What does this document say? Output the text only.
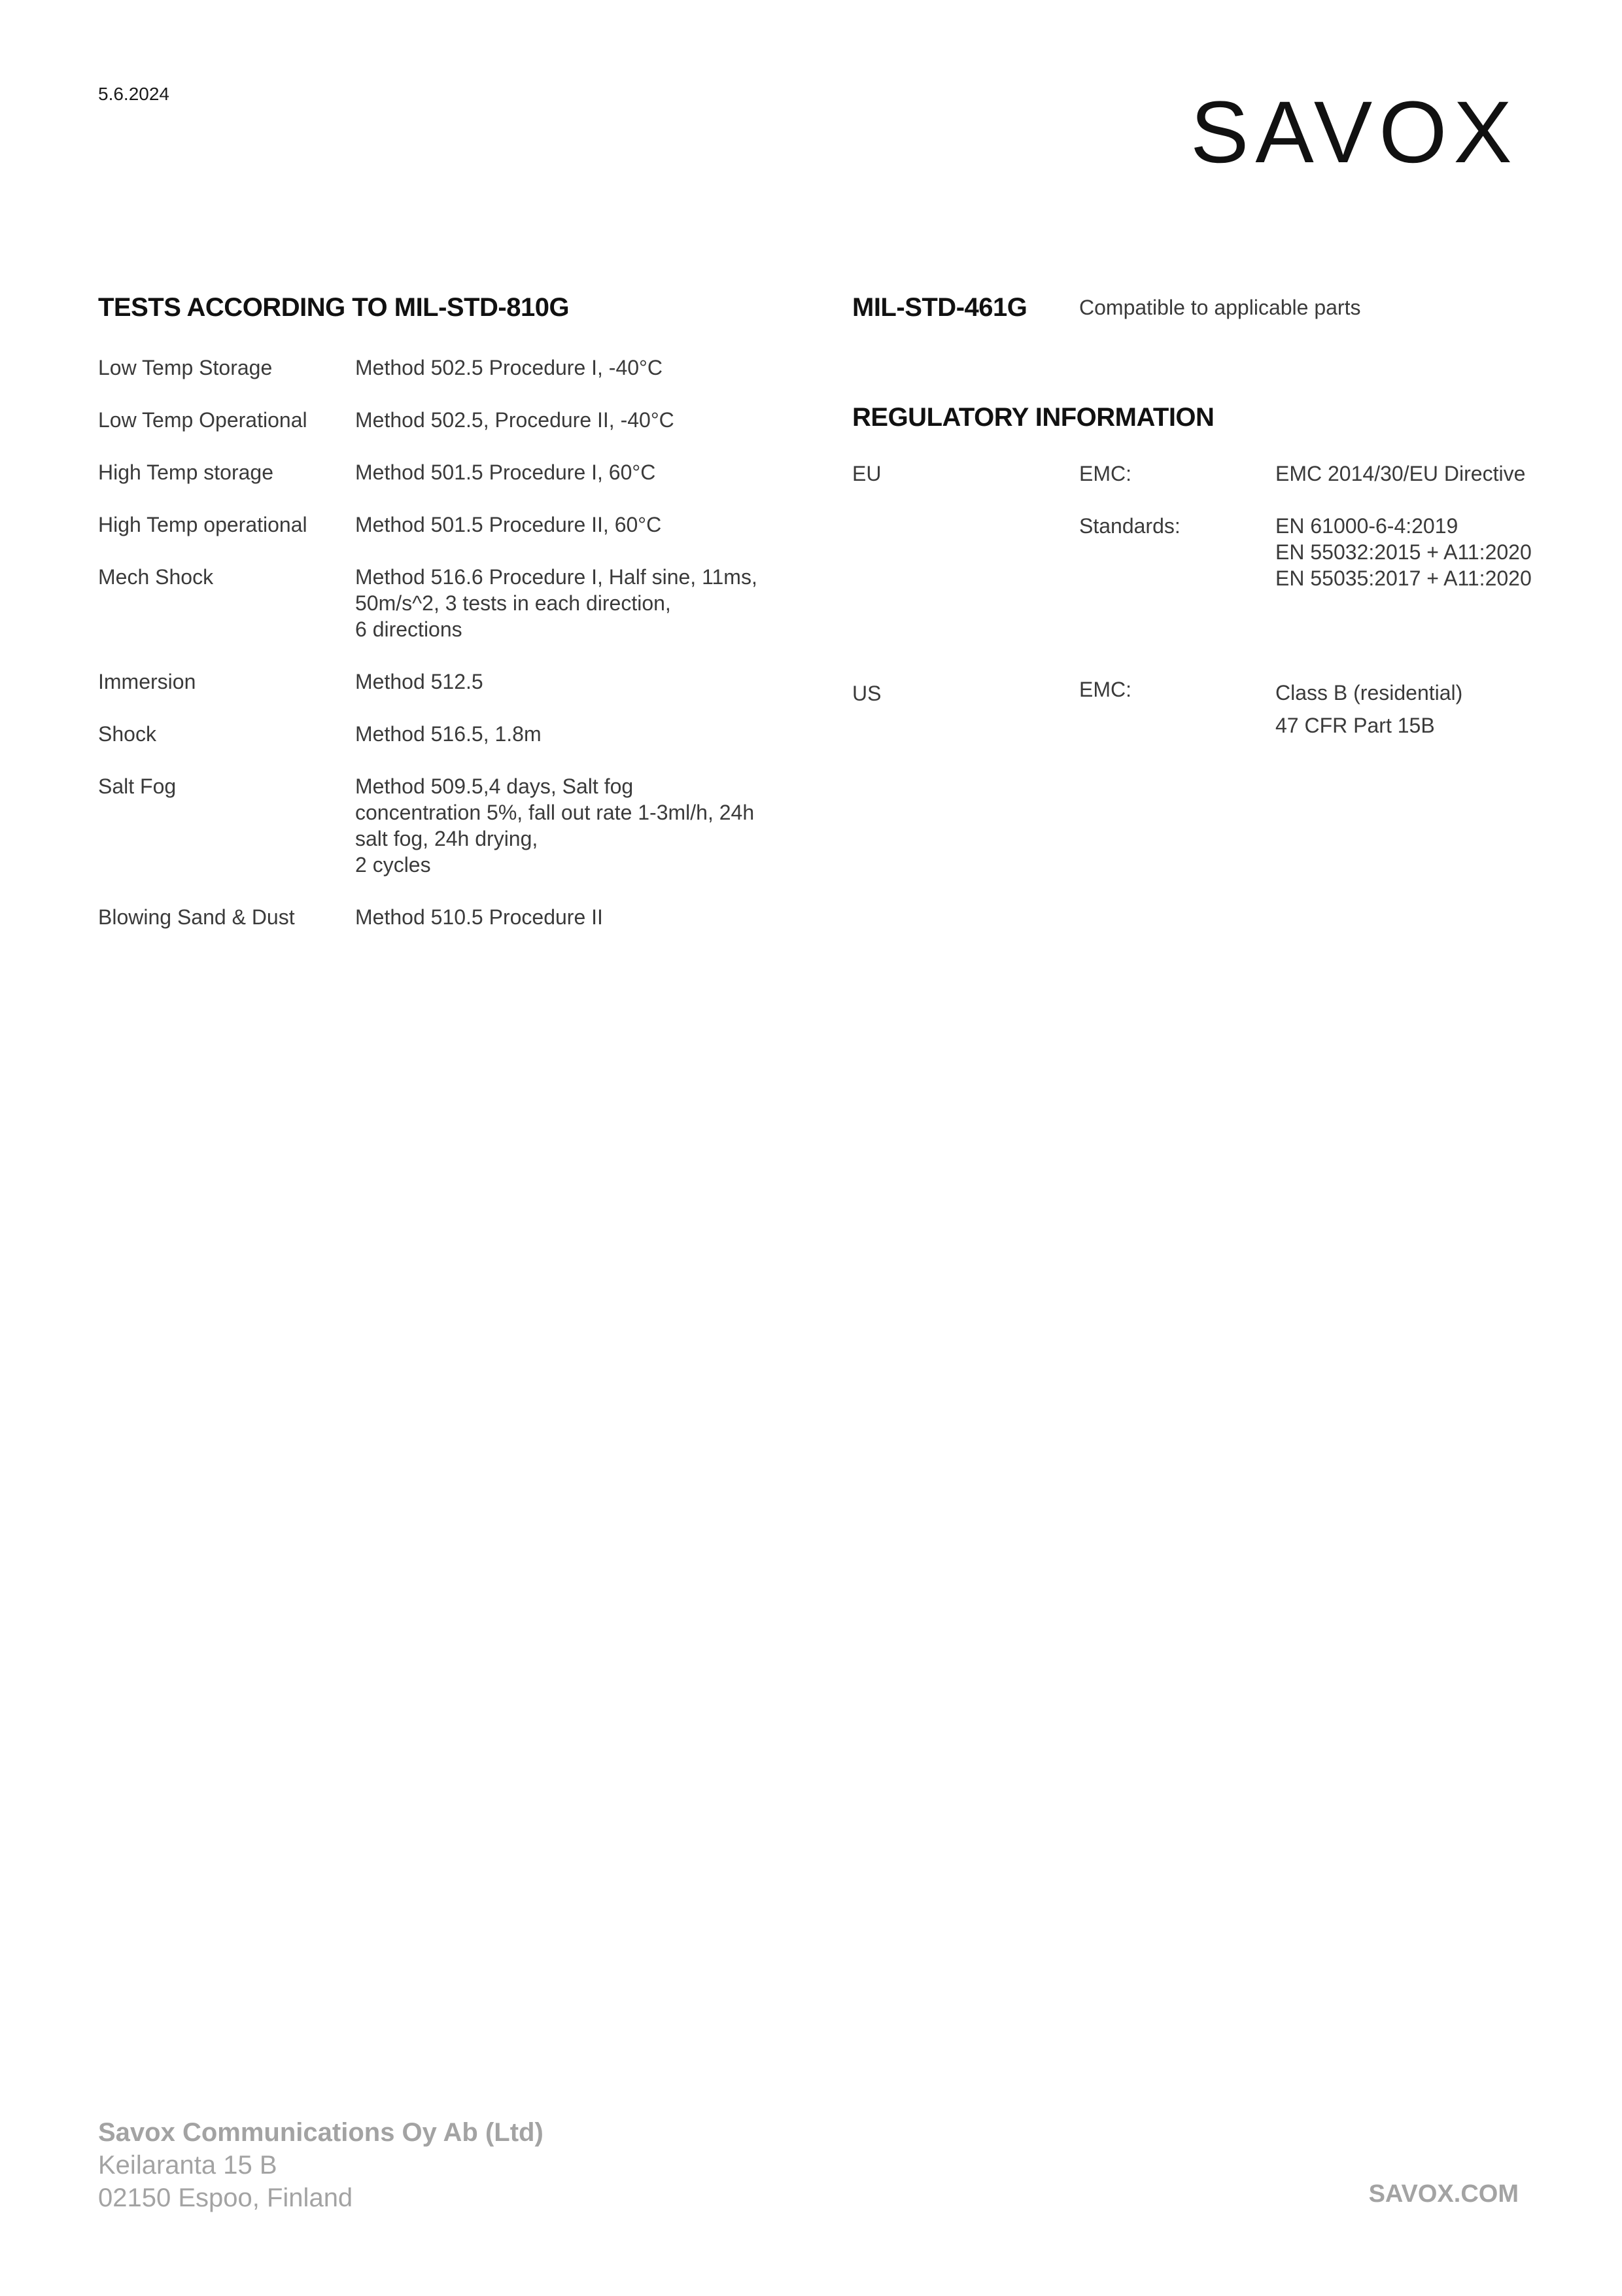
5.6.2024	SAVOX
TESTS ACCORDING TO MIL-STD-810G
Low Temp Storage	Method 502.5 Procedure I, -40°C
Low Temp Operational Method 502.5, Procedure II, -40°C
High Temp storage	Method 501.5 Procedure I, 60°C
High Temp operational Method 501.5 Procedure II, 60°C
Mech Shock	Method 516.6 Procedure I, Half sine, 11ms,
50m/s^2, 3 tests in each direction,
6 directions
Immersion	Method 512.5
Shock	Method 516.5, 1.8m
Salt Fog	Method 509.5,4 days, Salt fog
concentration 5%, fall out rate 1-3ml/h, 24h
salt fog, 24h drying,
2 cycles
Blowing Sand & Dust	Method 510.5 Procedure II
MIL-STD-461G Compatible to applicable parts
REGULATORY INFORMATION
EU	EMC:	EMC 2014/30/EU Directive
Standards:	EN 61000-6-4:2019
EN 55032:2015 + A11:2020
EN 55035:2017 + A11:2020
US	EMC:	Class B (residential)
47 CFR Part 15B
Savox Communications Oy Ab (Ltd)
Keilaranta 15 B
02150 Espoo, Finland	SAVOX.COM
